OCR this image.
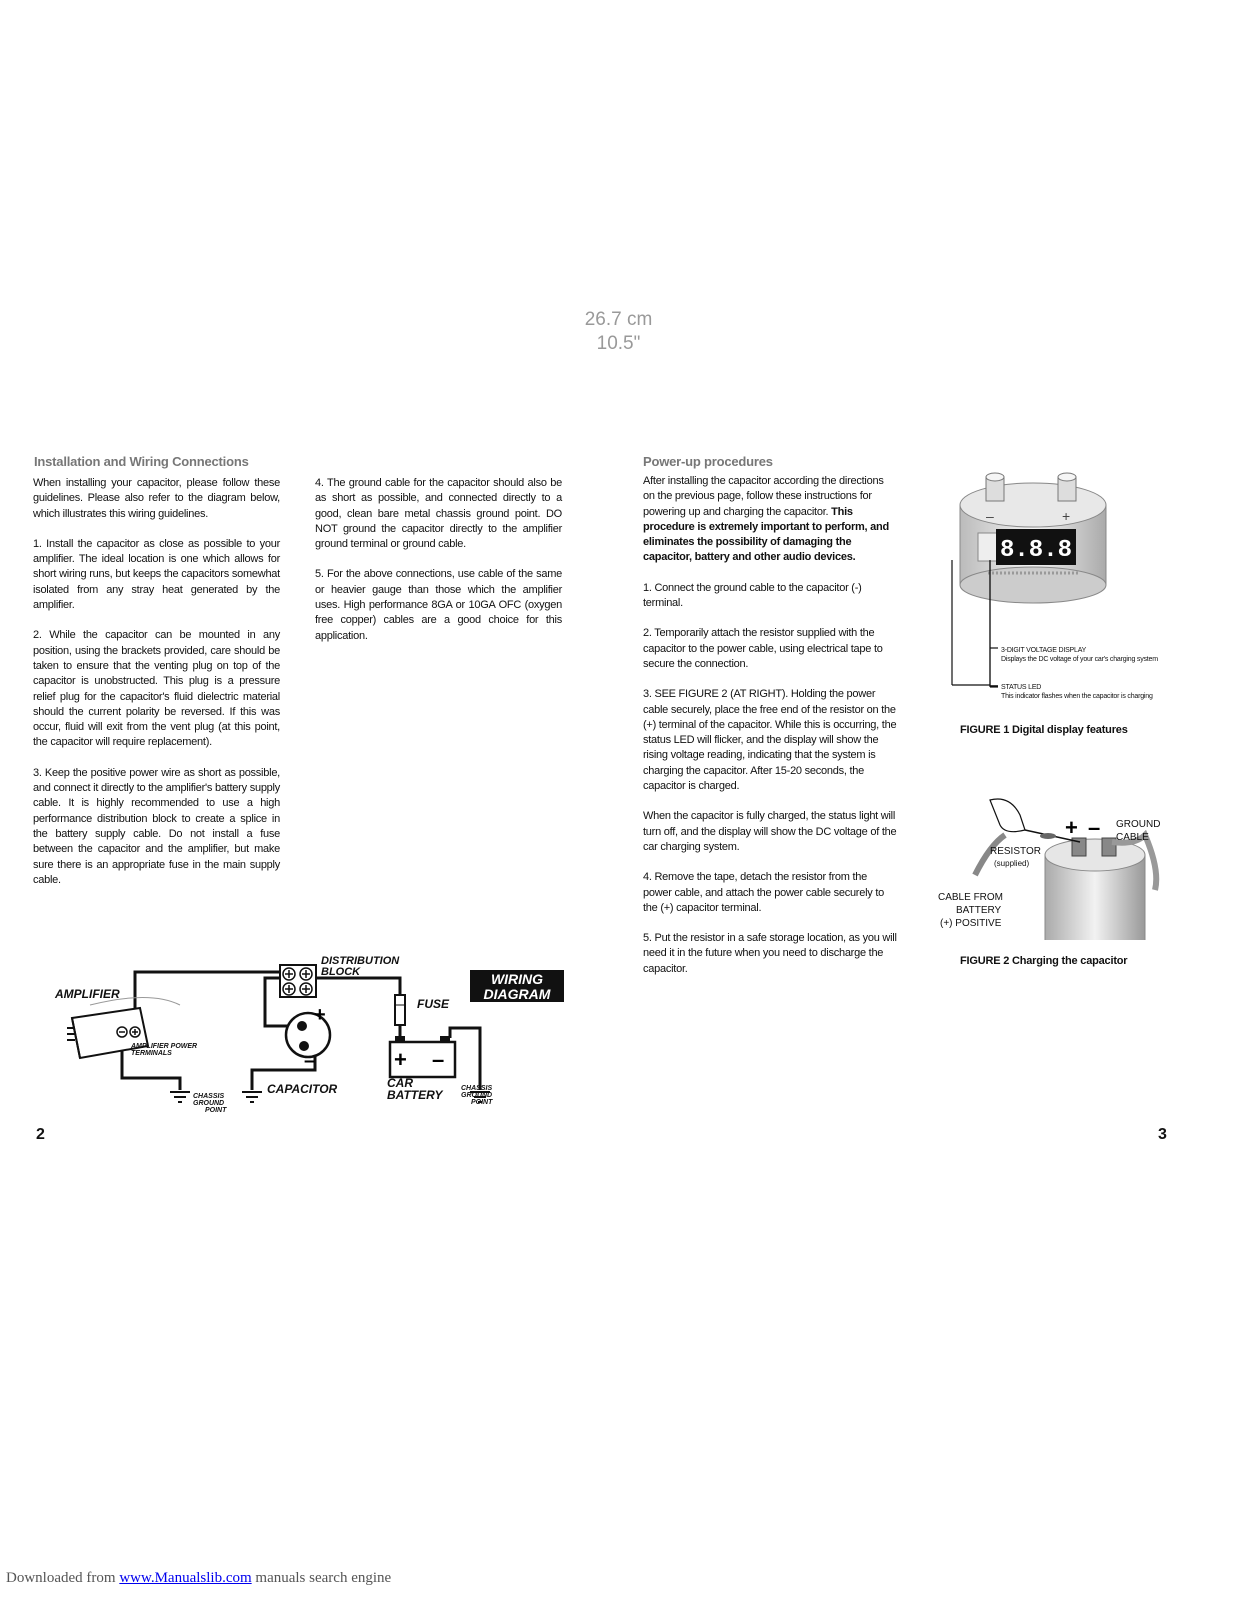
26.7 cm
10.5"
Installation and Wiring Connections

When installing your capacitor, please follow these guidelines. Please also refer to the diagram below, which illustrates this wiring guidelines.

1. Install the capacitor as close as possible to your amplifier. The ideal location is one which allows for short wiring runs, but keeps the capacitors somewhat isolated from any stray heat generated by the amplifier.

2. While the capacitor can be mounted in any position, using the brackets provided, care should be taken to ensure that the venting plug on top of the capacitor is unobstructed. This plug is a pressure relief plug for the capacitor's fluid dielectric material should the current polarity be reversed. If this was occur, fluid will exit from the vent plug (at this point, the capacitor will require replacement).

3. Keep the positive power wire as short as possible, and connect it directly to the amplifier's battery supply cable. It is highly recommended to use a high performance distribution block to create a splice in the battery supply cable. Do not install a fuse between the capacitor and the amplifier, but make sure there is an appropriate fuse in the main supply cable.

4. The ground cable for the capacitor should also be as short as possible, and connected directly to a good, clean bare metal chassis ground point. DO NOT ground the capacitor directly to the amplifier ground terminal or ground cable.

5. For the above connections, use cable of the same or heavier gauge than those which the amplifier uses. High performance 8GA or 10GA OFC (oxygen free copper) cables are a good choice for this application.

+
–	+ –
AMPLIFIER
AMPLIFIER POWER
TERMINALS
DISTRIBUTION
BLOCK
FUSE
CAPACITOR	CAR
BATTERY
CHASSIS
GROUND
POINT
CHASSIS
GROUND
POINT
WIRING
DIAGRAM
2
Power-up procedures

After installing the capacitor according the directions on the previous page, follow these instructions for powering up and charging the capacitor. This procedure is extremely important to perform, and eliminates the possibility of damaging the capacitor, battery and other audio devices.

1. Connect the ground cable to the capacitor (-) terminal.

2. Temporarily attach the resistor supplied with the capacitor to the power cable, using electrical tape to secure the connection.

3. SEE FIGURE 2 (AT RIGHT). Holding the power cable securely, place the free end of the resistor on the (+) terminal of the capacitor. While this is occurring, the status LED will flicker, and the display will show the rising voltage reading, indicating that the system is charging the capacitor. After 15-20 seconds, the capacitor is charged.

When the capacitor is fully charged, the status light will turn off, and the display will show the DC voltage of the car charging system.

4. Remove the tape, detach the resistor from the power cable, and attach the power cable securely to the (+) capacitor terminal.

5. Put the resistor in a safe storage location, as you will need it in the future when you need to discharge the capacitor.

–	+
8.8.8
3-DIGIT VOLTAGE DISPLAY
Displays the DC voltage of your car's charging system
STATUS LED
This indicator flashes when the capacitor is charging
FIGURE 1 Digital display features
+ – GROUND
CABLE
RESISTOR
(supplied)
CABLE FROM
BATTERY
(+) POSITIVE
FIGURE 2 Charging the capacitor
3
Downloaded from www.Manualslib.com manuals search engine
